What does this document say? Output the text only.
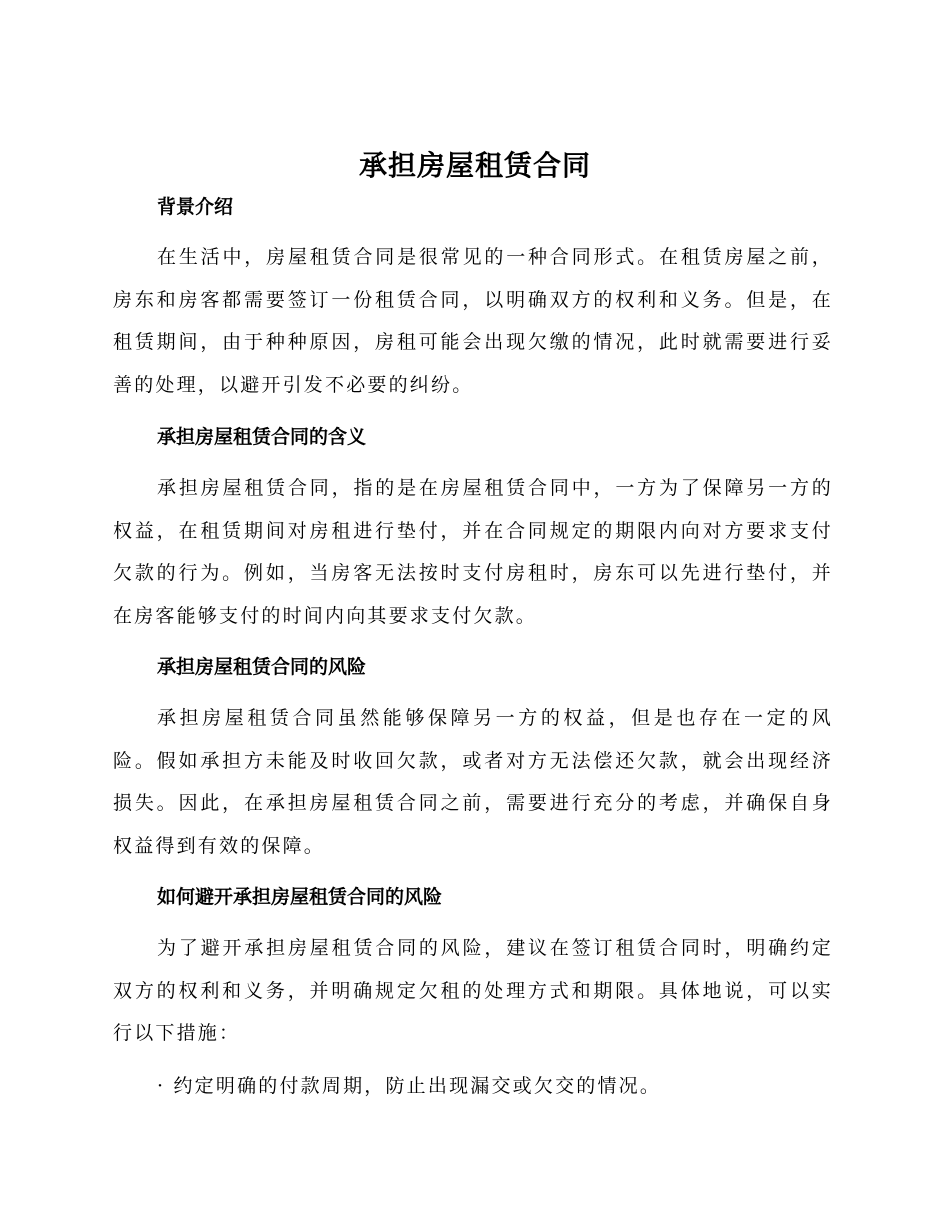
承担房屋租赁合同
背景介绍

在生活中，房屋租赁合同是很常见的一种合同形式。在租赁房屋之前，房东和房客都需要签订一份租赁合同，以明确双方的权利和义务。但是，在租赁期间，由于种种原因，房租可能会出现欠缴的情况，此时就需要进行妥善的处理，以避开引发不必要的纠纷。

承担房屋租赁合同的含义

承担房屋租赁合同，指的是在房屋租赁合同中，一方为了保障另一方的权益，在租赁期间对房租进行垫付，并在合同规定的期限内向对方要求支付欠款的行为。例如，当房客无法按时支付房租时，房东可以先进行垫付，并在房客能够支付的时间内向其要求支付欠款。

承担房屋租赁合同的风险

承担房屋租赁合同虽然能够保障另一方的权益，但是也存在一定的风险。假如承担方未能及时收回欠款，或者对方无法偿还欠款，就会出现经济损失。因此，在承担房屋租赁合同之前，需要进行充分的考虑，并确保自身权益得到有效的保障。

如何避开承担房屋租赁合同的风险

为了避开承担房屋租赁合同的风险，建议在签订租赁合同时，明确约定双方的权利和义务，并明确规定欠租的处理方式和期限。具体地说，可以实行以下措施：

· 约定明确的付款周期，防止出现漏交或欠交的情况。
